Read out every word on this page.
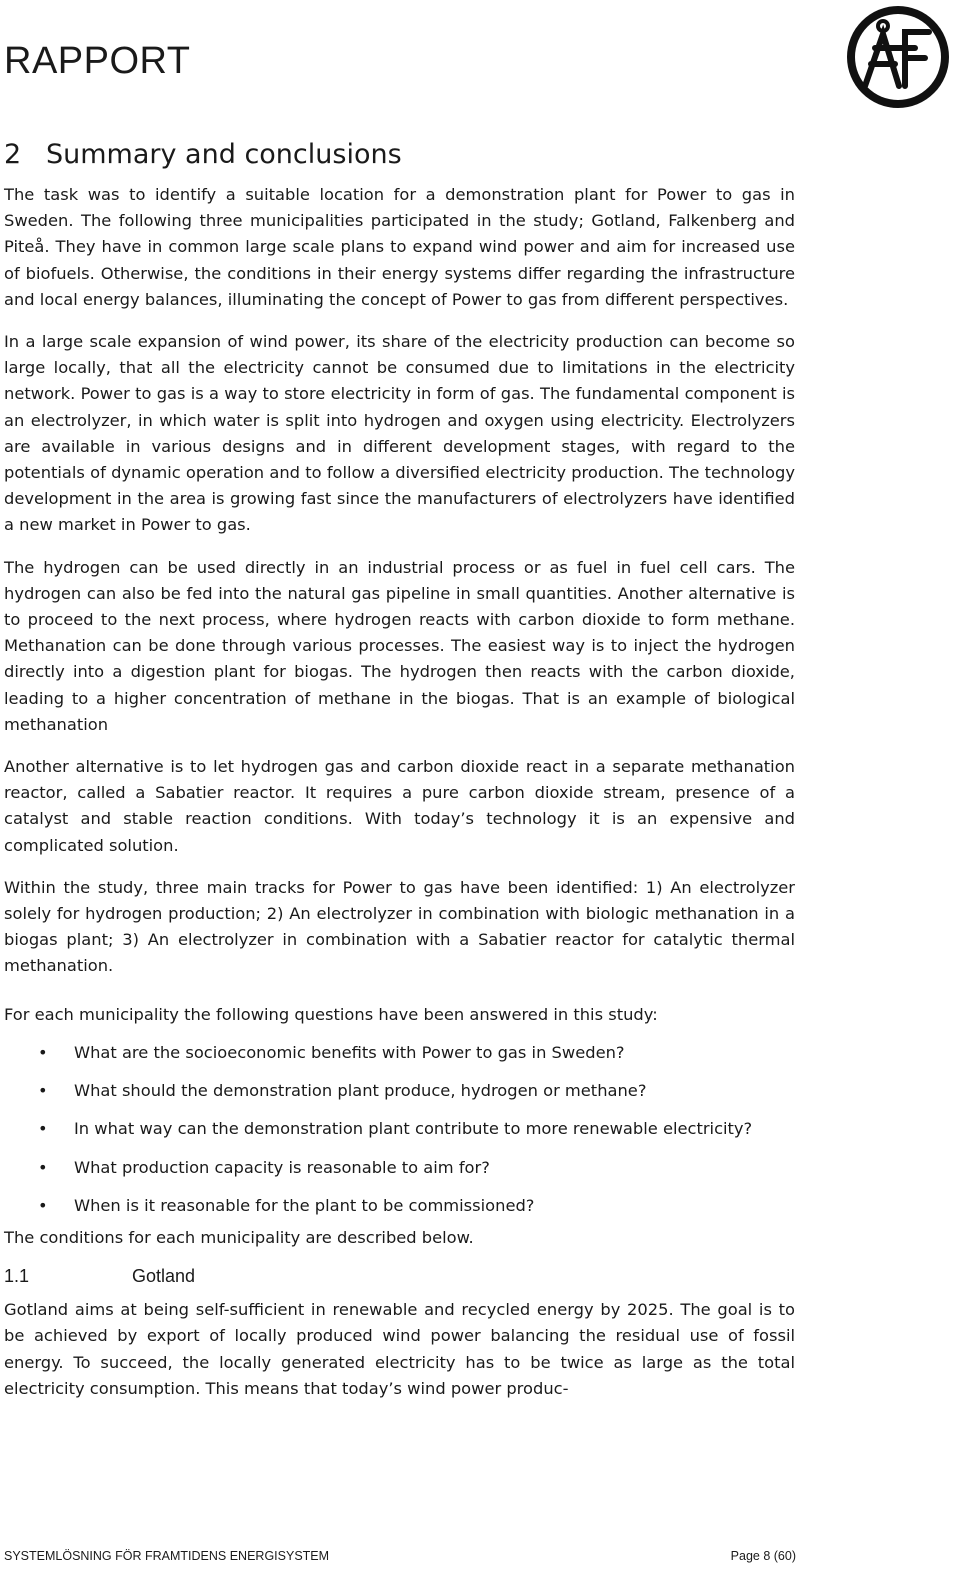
RAPPORT
2 Summary and conclusions

The task was to identify a suitable location for a demonstration plant for Power to gas in Sweden. The following three municipalities participated in the study; Gotland, Falkenberg and Piteå. They have in common large scale plans to expand wind power and aim for increased use of biofuels. Otherwise, the conditions in their energy systems differ regarding the infrastructure and local energy balances, illuminating the concept of Power to gas from different perspectives.

In a large scale expansion of wind power, its share of the electricity production can become so large locally, that all the electricity cannot be consumed due to limitations in the electricity network. Power to gas is a way to store electricity in form of gas. The fundamental component is an electrolyzer, in which water is split into hydrogen and oxygen using electricity. Electrolyzers are available in various designs and in different development stages, with regard to the potentials of dynamic operation and to follow a diversified electricity production. The technology development in the area is growing fast since the manufacturers of electrolyzers have identified a new market in Power to gas.

The hydrogen can be used directly in an industrial process or as fuel in fuel cell cars. The hydrogen can also be fed into the natural gas pipeline in small quantities. Another alternative is to proceed to the next process, where hydrogen reacts with carbon dioxide to form methane. Methanation can be done through various processes. The easiest way is to inject the hydrogen directly into a digestion plant for biogas. The hydrogen then reacts with the carbon dioxide, leading to a higher concentration of methane in the biogas. That is an example of biological methanation

Another alternative is to let hydrogen gas and carbon dioxide react in a separate methanation reactor, called a Sabatier reactor. It requires a pure carbon dioxide stream, presence of a catalyst and stable reaction conditions. With today’s technology it is an expensive and complicated solution.

Within the study, three main tracks for Power to gas have been identified: 1) An electrolyzer solely for hydrogen production; 2) An electrolyzer in combination with biologic methanation in a biogas plant; 3) An electrolyzer in combination with a Sabatier reactor for catalytic thermal methanation.

For each municipality the following questions have been answered in this study:

• What are the socioeconomic benefits with Power to gas in Sweden?
• What should the demonstration plant produce, hydrogen or methane?
• In what way can the demonstration plant contribute to more renewable electricity?
• What production capacity is reasonable to aim for?
• When is it reasonable for the plant to be commissioned?

The conditions for each municipality are described below.

1.1	Gotland

Gotland aims at being self-sufficient in renewable and recycled energy by 2025. The goal is to be achieved by export of locally produced wind power balancing the residual use of fossil energy. To succeed, the locally generated electricity has to be twice as large as the total electricity consumption. This means that today’s wind power produc-

SYSTEMLÖSNING FÖR FRAMTIDENS ENERGISYSTEM	Page 8 (60)
